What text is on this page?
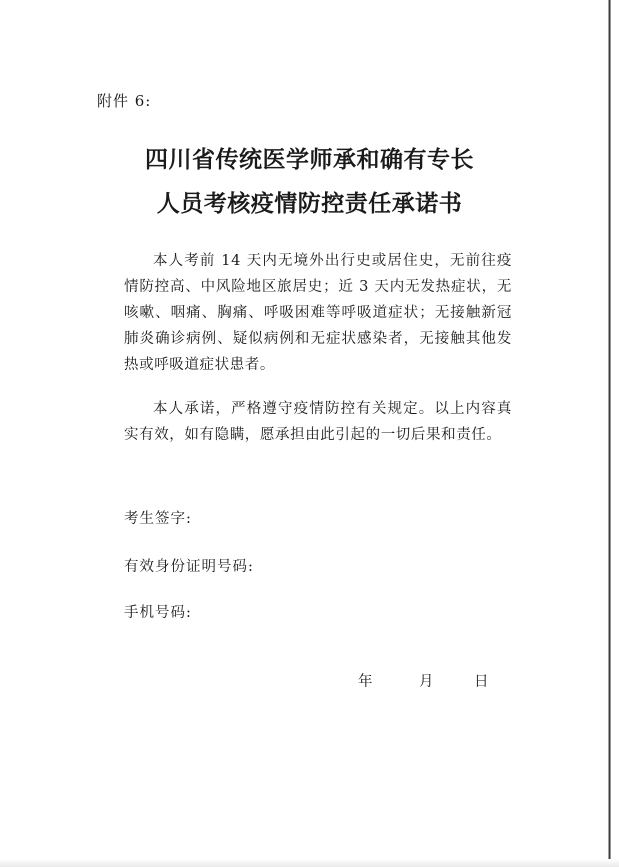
附件 6:
四川省传统医学师承和确有专长
人员考核疫情防控责任承诺书
本人考前 14 天内无境外出行史或居住史，无前往疫情防控高、中风险地区旅居史；近 3 天内无发热症状，无咳嗽、咽痛、胸痛、呼吸困难等呼吸道症状；无接触新冠肺炎确诊病例、疑似病例和无症状感染者，无接触其他发热或呼吸道症状患者。
本人承诺，严格遵守疫情防控有关规定。以上内容真实有效，如有隐瞒，愿承担由此引起的一切后果和责任。
考生签字:
有效身份证明号码:
手机号码:
年	月	日
